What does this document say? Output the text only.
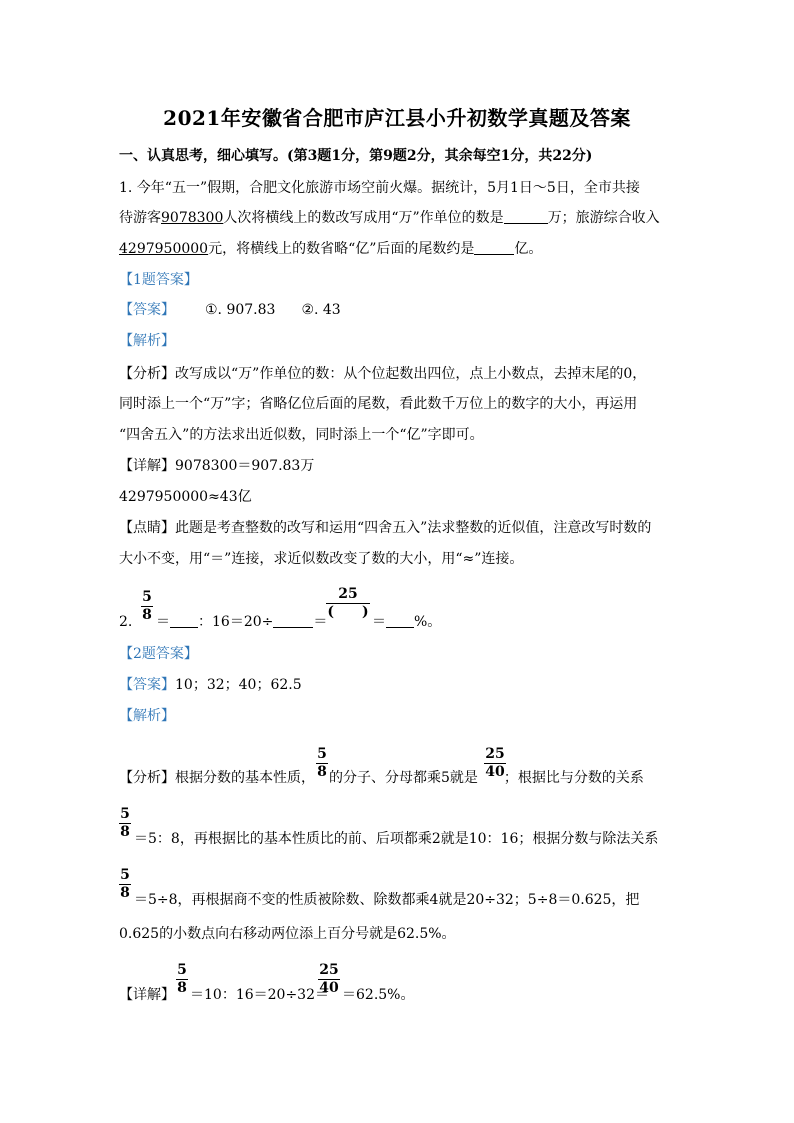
2021年安徽省合肥市庐江县小升初数学真题及答案
一、认真思考，细心填写。(第3题1分，第9题2分，其余每空1分，共22分)
1. 今年“五一”假期，合肥文化旅游市场空前火爆。据统计，5月1日～5日，全市共接
待游客9078300人次将横线上的数改写成用“万”作单位的数是	万；旅游综合收入
4297950000元，将横线上的数省略“亿”后面的尾数约是	亿。
【1题答案】
【答案】 ①. 907.83 ②. 43
【解析】
【分析】改写成以“万”作单位的数：从个位起数出四位，点上小数点，去掉末尾的0，
同时添上一个“万”字；省略亿位后面的尾数，看此数千万位上的数字的大小，再运用
“四舍五入”的方法求出近似数，同时添上一个“亿”字即可。
【详解】9078300＝907.83万
4297950000≈43亿
【点睛】此题是考查整数的改写和运用“四舍五入”法求整数的近似值，注意改写时数的
大小不变，用“＝”连接，求近似数改变了数的大小，用“≈”连接。
2.
5
8 ＝ ：16＝20÷	＝
25
(　　)
＝ %。
【2题答案】
【答案】10；32；40；62.5
【解析】
【分析】根据分数的基本性质， 的分子、分母都乘5就是 ；根据比与分数的关系
5
8
25
40
5
8 ＝5：8，再根据比的基本性质比的前、后项都乘2就是10：16；根据分数与除法关系
5
8 ＝5÷8，再根据商不变的性质被除数、除数都乘4就是20÷32；5÷8＝0.625，把
0.625的小数点向右移动两位添上百分号就是62.5%。
【详解】
5
8 ＝10：16＝20÷32＝
25
40 ＝62.5%。
